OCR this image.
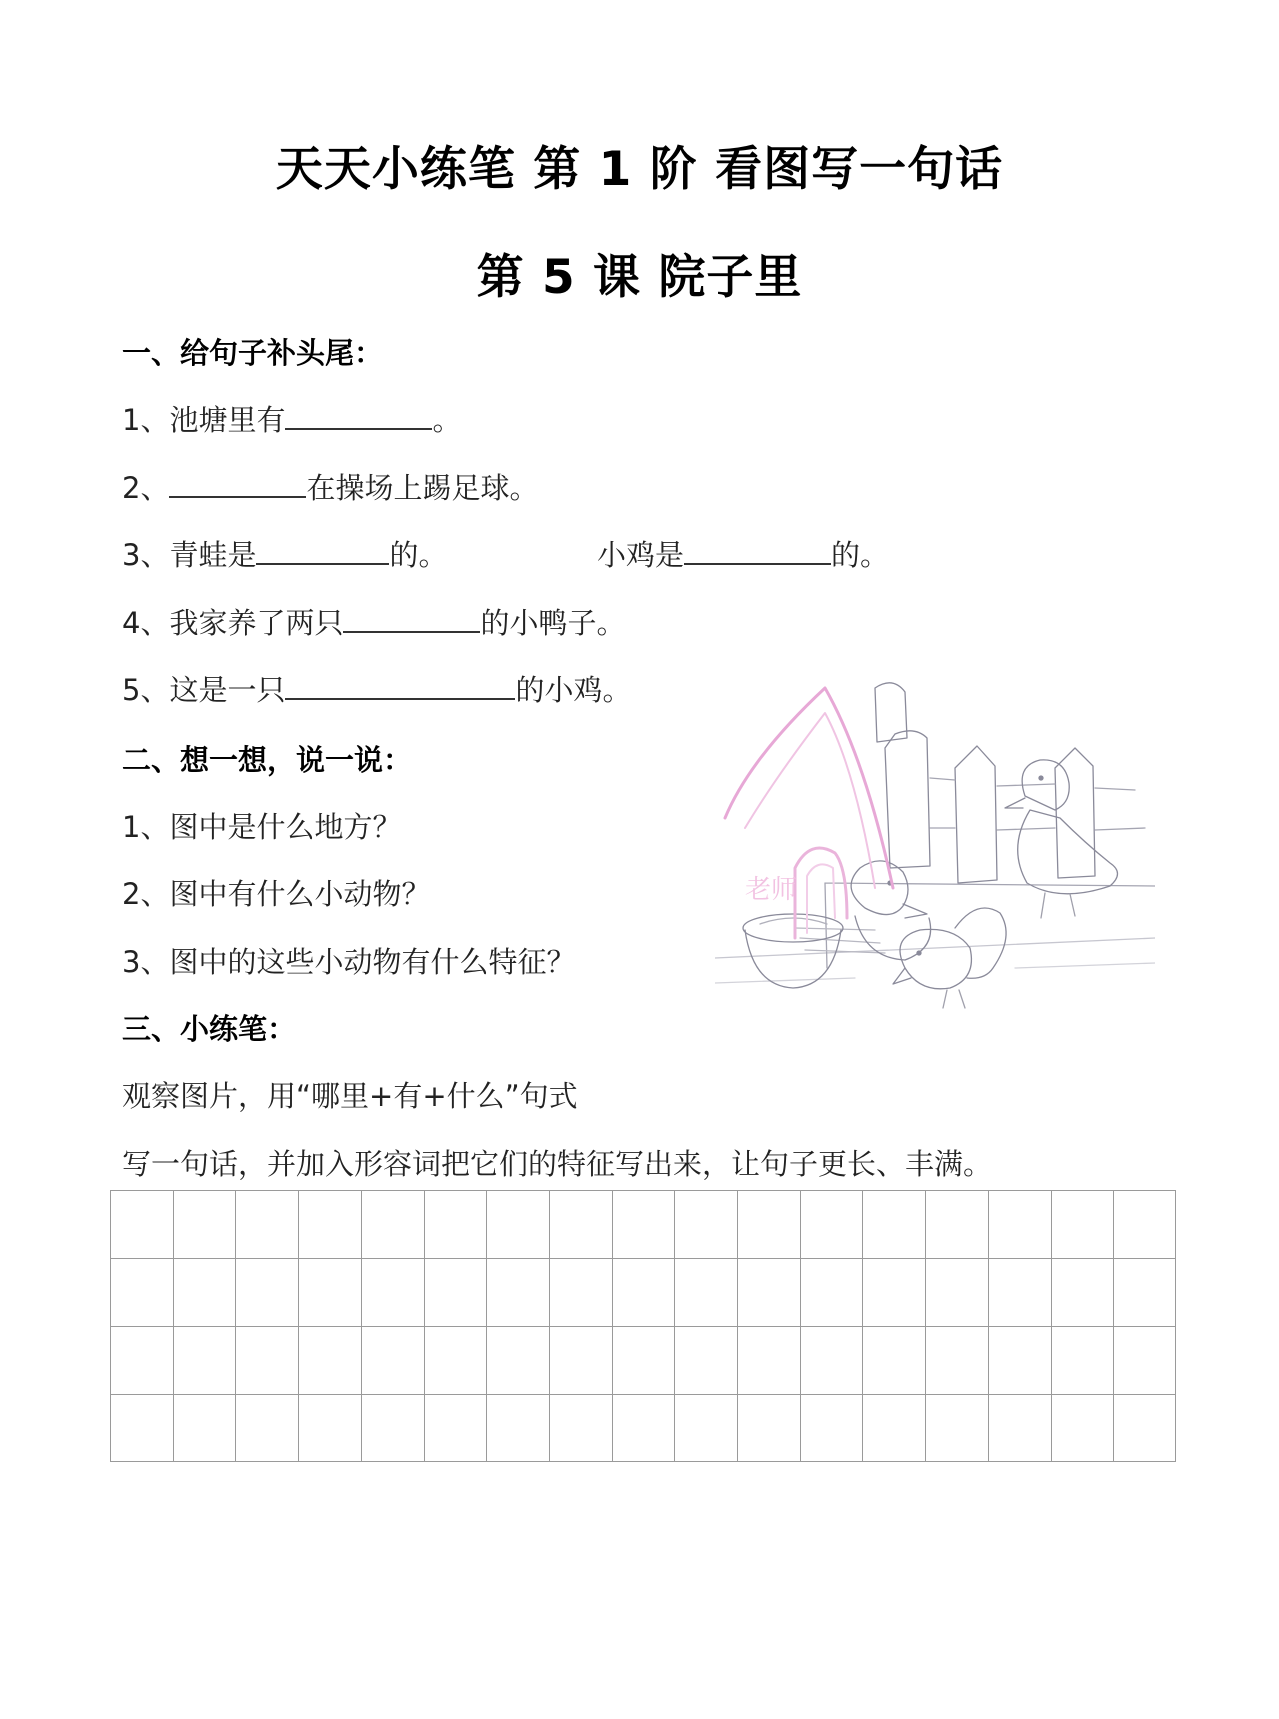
天天小练笔 第 1 阶 看图写一句话
第 5 课 院子里
一、给句子补头尾：
1、池塘里有	。
2、	在操场上踢足球。
3、青蛙是	的。	小鸡是	的。
4、我家养了两只	的小鸭子。
5、这是一只	的小鸡。
二、想一想，说一说：
1、图中是什么地方？
2、图中有什么小动物？
3、图中的这些小动物有什么特征？
三、小练笔：
观察图片，用“哪里+有+什么”句式
写一句话，并加入形容词把它们的特征写出来，让句子更长、丰满。
老师
